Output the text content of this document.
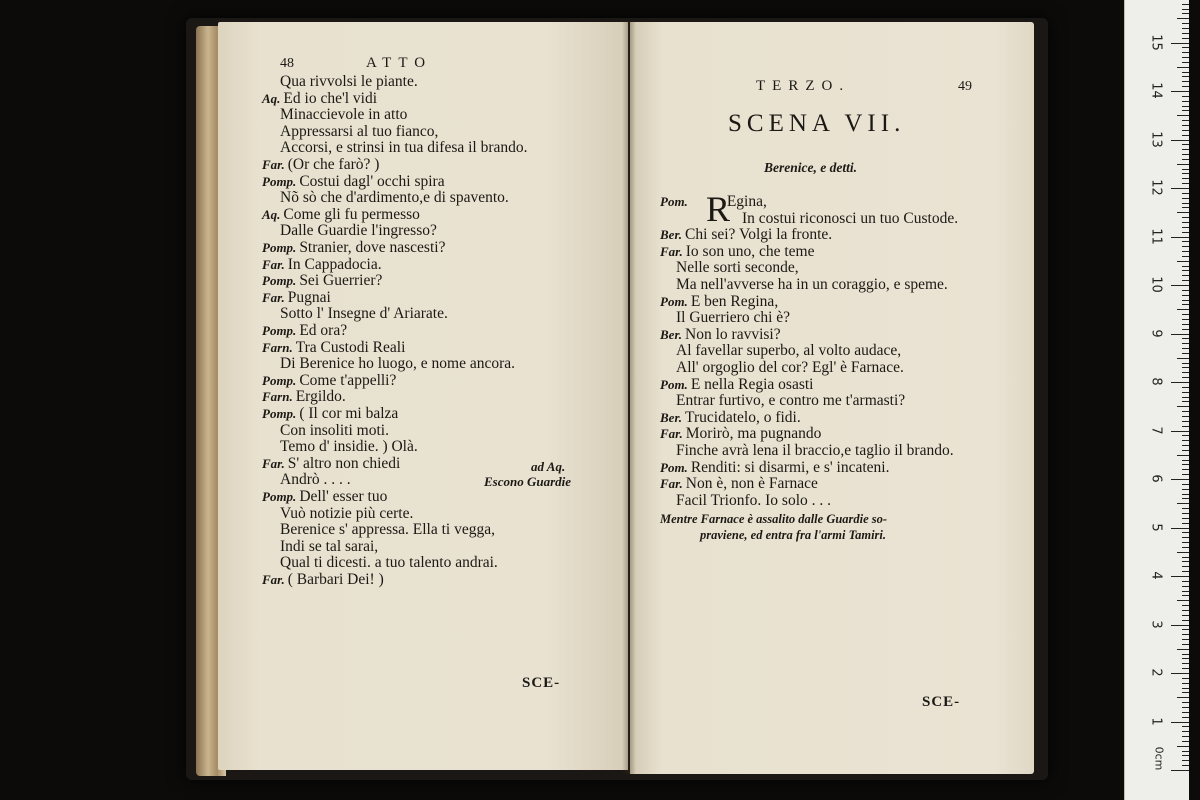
48	ATTO
Qua rivvolsi le piante.
Aq. Ed io che'l vidi
Minaccievole in atto
Appressarsi al tuo fianco,
Accorsi, e strinsi in tua difesa il brando.
Far. (Or che farò? )
Pomp. Costui dagl' occhi spira
Nõ sò che d'ardimento,e di spavento.
Aq. Come gli fu permesso
Dalle Guardie l'ingresso?
Pomp. Stranier, dove nascesti?
Far. In Cappadocia.
Pomp. Sei Guerrier?
Far. Pugnai
Sotto l' Insegne d' Ariarate.
Pomp. Ed ora?
Farn. Tra Custodi Reali
Di Berenice ho luogo, e nome ancora.
Pomp. Come t'appelli?
Farn. Ergildo.
Pomp. ( Il cor mi balza
Con insoliti moti.
Temo d' insidie. ) Olà.
Far. S' altro non chiedi
Andrò . . . .
Pomp. Dell' esser tuo
Vuò notizie più certe.
Berenice s' appressa. Ella ti vegga,
Indi se tal sarai,
Qual ti dicesti. a tuo talento andrai.
Far. ( Barbari Dei! )
ad Aq.
Escono Guardie
SCE-
TERZO.	49
SCENA VII.
Berenice, e detti.
R
Pom.	Egina,
In costui riconosci un tuo Custode.
Ber. Chi sei? Volgi la fronte.
Far. Io son uno, che teme
Nelle sorti seconde,
Ma nell'avverse ha in un coraggio, e speme.
Pom. E ben Regina,
Il Guerriero chi è?
Ber. Non lo ravvisi?
Al favellar superbo, al volto audace,
All' orgoglio del cor? Egl' è Farnace.
Pom. E nella Regia osasti
Entrar furtivo, e contro me t'armasti?
Ber. Trucidatelo, o fidi.
Far. Morirò, ma pugnando
Finche avrà lena il braccio,e taglio il brando.
Pom. Renditi: si disarmi, e s' incateni.
Far. Non è, non è Farnace
Facil Trionfo. Io solo . . .
Mentre Farnace è assalito dalle Guardie so-
praviene, ed entra fra l'armi Tamiri.
SCE-
0cm
1
2
3
4
5
6
7
8
9
10
11
12
13
14
15
